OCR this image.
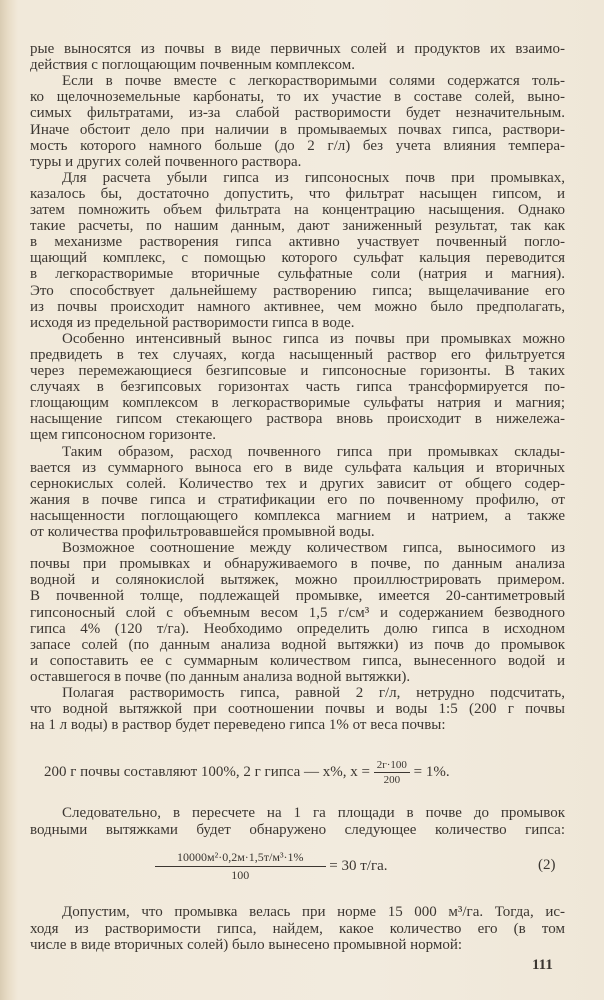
рые выносятся из почвы в виде первичных солей и продуктов их взаимо-
действия с поглощающим почвенным комплексом.
Если в почве вместе с легкорастворимыми солями содержатся толь-
ко щелочноземельные карбонаты, то их участие в составе солей, выно-
симых фильтратами, из-за слабой растворимости будет незначительным.
Иначе обстоит дело при наличии в промываемых почвах гипса, раствори-
мость которого намного больше (до 2 г/л) без учета влияния темпера-
туры и других солей почвенного раствора.
Для расчета убыли гипса из гипсоносных почв при промывках,
казалось бы, достаточно допустить, что фильтрат насыщен гипсом, и
затем помножить объем фильтрата на концентрацию насыщения. Однако
такие расчеты, по нашим данным, дают заниженный результат, так как
в механизме растворения гипса активно участвует почвенный погло-
щающий комплекс, с помощью которого сульфат кальция переводится
в легкорастворимые вторичные сульфатные соли (натрия и магния).
Это способствует дальнейшему растворению гипса; выщелачивание его
из почвы происходит намного активнее, чем можно было предполагать,
исходя из предельной растворимости гипса в воде.
Особенно интенсивный вынос гипса из почвы при промывках можно
предвидеть в тех случаях, когда насыщенный раствор его фильтруется
через перемежающиеся безгипсовые и гипсоносные горизонты. В таких
случаях в безгипсовых горизонтах часть гипса трансформируется по-
глощающим комплексом в легкорастворимые сульфаты натрия и магния;
насыщение гипсом стекающего раствора вновь происходит в нижележа-
щем гипсоносном горизонте.
Таким образом, расход почвенного гипса при промывках склады-
вается из суммарного выноса его в виде сульфата кальция и вторичных
сернокислых солей. Количество тех и других зависит от общего содер-
жания в почве гипса и стратификации его по почвенному профилю, от
насыщенности поглощающего комплекса магнием и натрием, а также
от количества профильтровавшейся промывной воды.
Возможное соотношение между количеством гипса, выносимого из
почвы при промывках и обнаруживаемого в почве, по данным анализа
водной и солянокислой вытяжек, можно проиллюстрировать примером.
В почвенной толще, подлежащей промывке, имеется 20-сантиметровый
гипсоносный слой с объемным весом 1,5 г/см³ и содержанием безводного
гипса 4% (120 т/га). Необходимо определить долю гипса в исходном
запасе солей (по данным анализа водной вытяжки) из почв до промывок
и сопоставить ее с суммарным количеством гипса, вынесенного водой и
оставшегося в почве (по данным анализа водной вытяжки).
Полагая растворимость гипса, равной 2 г/л, нетрудно подсчитать,
что водной вытяжкой при соотношении почвы и воды 1:5 (200 г почвы
на 1 л воды) в раствор будет переведено гипса 1% от веса почвы:
200 г почвы составляют 100%, 2 г гипса — x%, $x = \frac{2г\cdot 100}{200} = 1\%$.
Следовательно, в пересчете на 1 га площади в почве до промывок
водными вытяжками будет обнаружено следующее количество гипса:
$\frac{\text{10000м²·0,2м·1,5т/м³·1\%}}{100} = 30$ т/га.	(2)
Допустим, что промывка велась при норме 15 000 м³/га. Тогда, ис-
ходя из растворимости гипса, найдем, какое количество его (в том
числе в виде вторичных солей) было вынесено промывной нормой:
111
